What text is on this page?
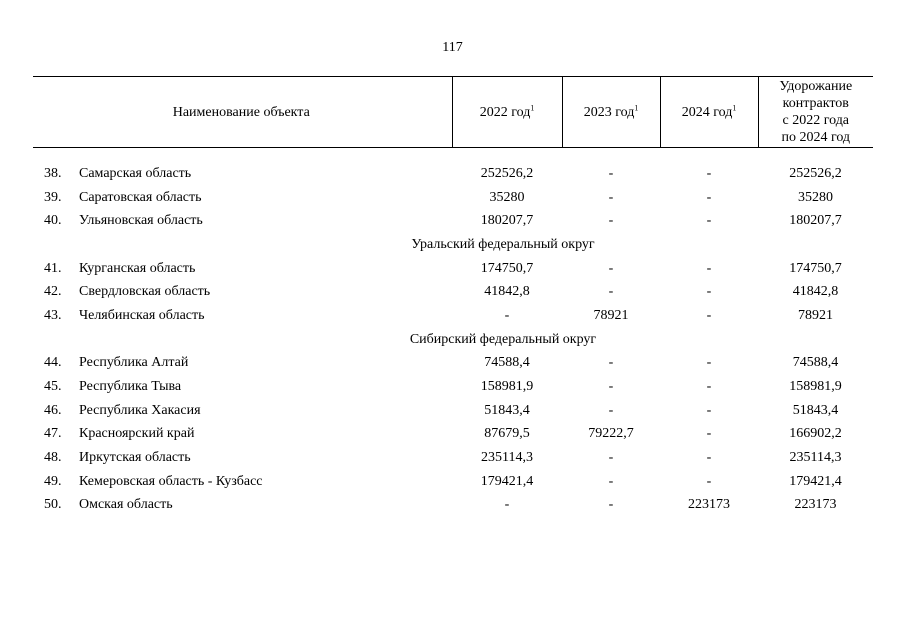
117
Наименование объекта		2022 год$^1$	2023 год$^1$	2024 год$^1$	Удорожание
контрактов
с 2022 года
по 2024 год

38.	Самарская область	252526,2	-	-	252526,2
39.	Саратовская область	35280	-	-	35280
40.	Ульяновская область	180207,7	-	-	180207,7
Уральский федеральный округ					
41.	Курганская область	174750,7	-	-	174750,7
42.	Свердловская область	41842,8	-	-	41842,8
43.	Челябинская область	-	78921	-	78921
Сибирский федеральный округ					
44.	Республика Алтай	74588,4	-	-	74588,4
45.	Республика Тыва	158981,9	-	-	158981,9
46.	Республика Хакасия	51843,4	-	-	51843,4
47.	Красноярский край	87679,5	79222,7	-	166902,2
48.	Иркутская область	235114,3	-	-	235114,3
49.	Кемеровская область - Кузбасс	179421,4	-	-	179421,4
50.	Омская область	-	-	223173	223173
